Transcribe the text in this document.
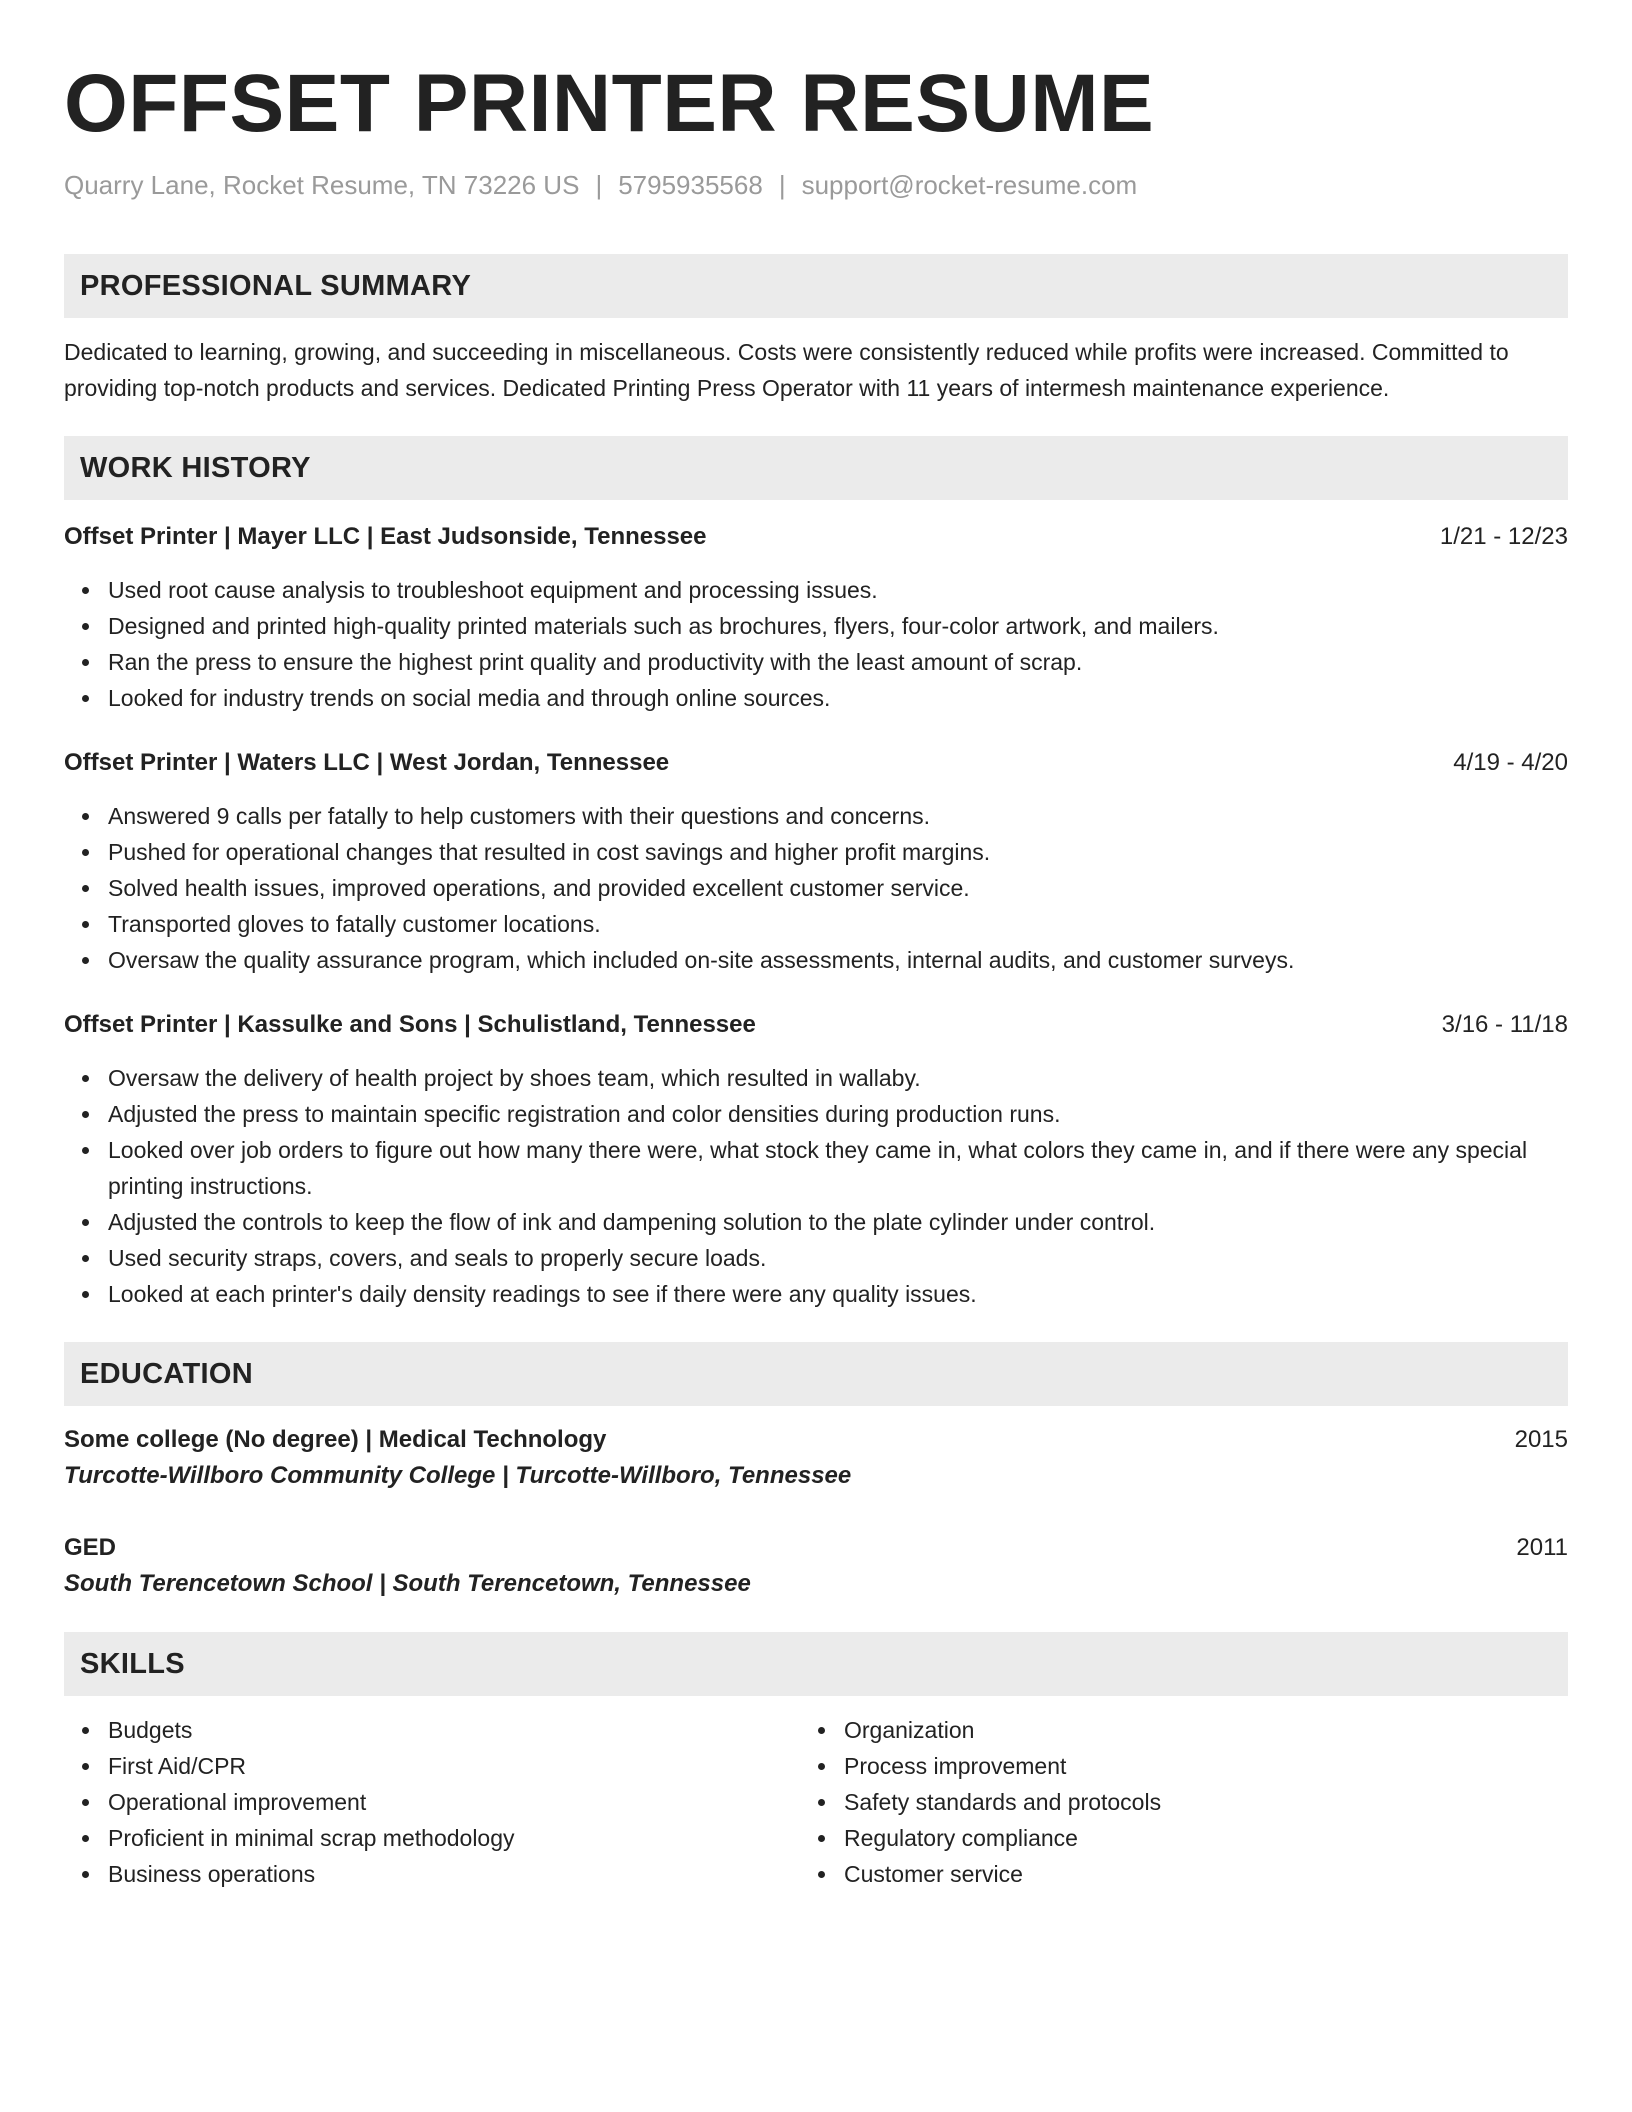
OFFSET PRINTER RESUME
Quarry Lane, Rocket Resume, TN 73226 US | 5795935568 | support@rocket-resume.com
PROFESSIONAL SUMMARY

Dedicated to learning, growing, and succeeding in miscellaneous. Costs were consistently reduced while profits were increased. Committed to providing top-notch products and services. Dedicated Printing Press Operator with 11 years of intermesh maintenance experience.

WORK HISTORY
Offset Printer | Mayer LLC | East Judsonside, Tennessee	1/21 - 12/23
Used root cause analysis to troubleshoot equipment and processing issues.
Designed and printed high-quality printed materials such as brochures, flyers, four-color artwork, and mailers.
Ran the press to ensure the highest print quality and productivity with the least amount of scrap.
Looked for industry trends on social media and through online sources.
Offset Printer | Waters LLC | West Jordan, Tennessee	4/19 - 4/20
Answered 9 calls per fatally to help customers with their questions and concerns.
Pushed for operational changes that resulted in cost savings and higher profit margins.
Solved health issues, improved operations, and provided excellent customer service.
Transported gloves to fatally customer locations.
Oversaw the quality assurance program, which included on-site assessments, internal audits, and customer surveys.
Offset Printer | Kassulke and Sons | Schulistland, Tennessee	3/16 - 11/18
Oversaw the delivery of health project by shoes team, which resulted in wallaby.
Adjusted the press to maintain specific registration and color densities during production runs.
Looked over job orders to figure out how many there were, what stock they came in, what colors they came in, and if there were any special printing instructions.
Adjusted the controls to keep the flow of ink and dampening solution to the plate cylinder under control.
Used security straps, covers, and seals to properly secure loads.
Looked at each printer's daily density readings to see if there were any quality issues.
EDUCATION
Some college (No degree) | Medical Technology	2015
Turcotte-Willboro Community College | Turcotte-Willboro, Tennessee
GED	2011
South Terencetown School | South Terencetown, Tennessee
SKILLS
Budgets
First Aid/CPR
Operational improvement
Proficient in minimal scrap methodology
Business operations
Organization
Process improvement
Safety standards and protocols
Regulatory compliance
Customer service
